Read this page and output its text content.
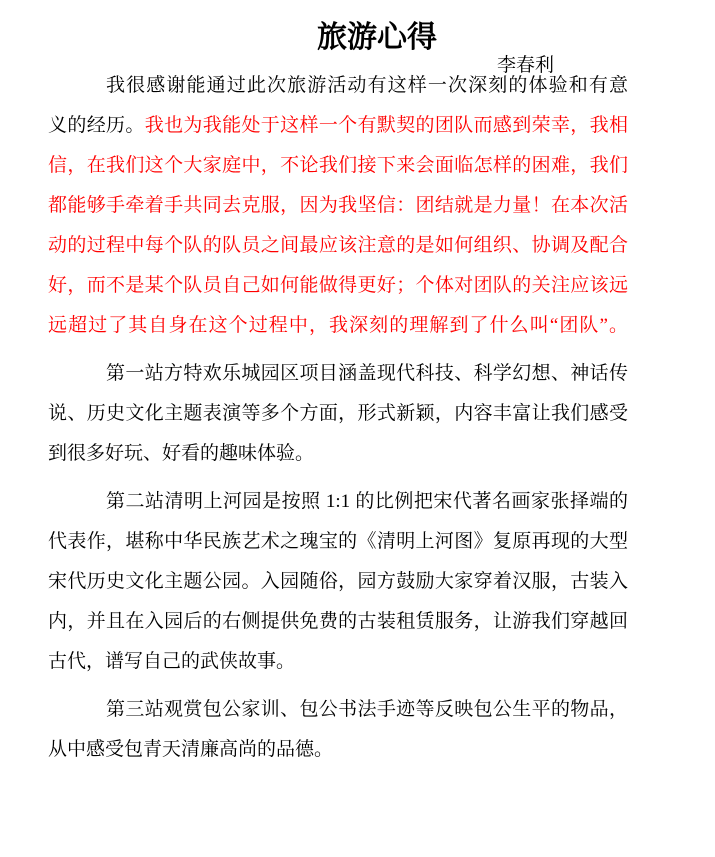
旅游心得
我很感谢能通过此次旅游活动有这样一次深刻的体验和有意
义的经历。我也为我能处于这样一个有默契的团队而感到荣幸，我相
信，在我们这个大家庭中，不论我们接下来会面临怎样的困难，我们
都能够手牵着手共同去克服，因为我坚信：团结就是力量！在本次活
动的过程中每个队的队员之间最应该注意的是如何组织、协调及配合
好，而不是某个队员自己如何能做得更好；个体对团队的关注应该远
远超过了其自身在这个过程中，我深刻的理解到了什么叫“团队”。
第一站方特欢乐城园区项目涵盖现代科技、科学幻想、神话传
说、历史文化主题表演等多个方面，形式新颖，内容丰富让我们感受
到很多好玩、好看的趣味体验。
第二站清明上河园是按照 1:1 的比例把宋代著名画家张择端的
代表作，堪称中华民族艺术之瑰宝的《清明上河图》复原再现的大型
宋代历史文化主题公园。入园随俗，园方鼓励大家穿着汉服，古装入
内，并且在入园后的右侧提供免费的古装租赁服务，让游我们穿越回
古代，谱写自己的武侠故事。
第三站观赏包公家训、包公书法手迹等反映包公生平的物品，
从中感受包青天清廉高尚的品德。
李春利
